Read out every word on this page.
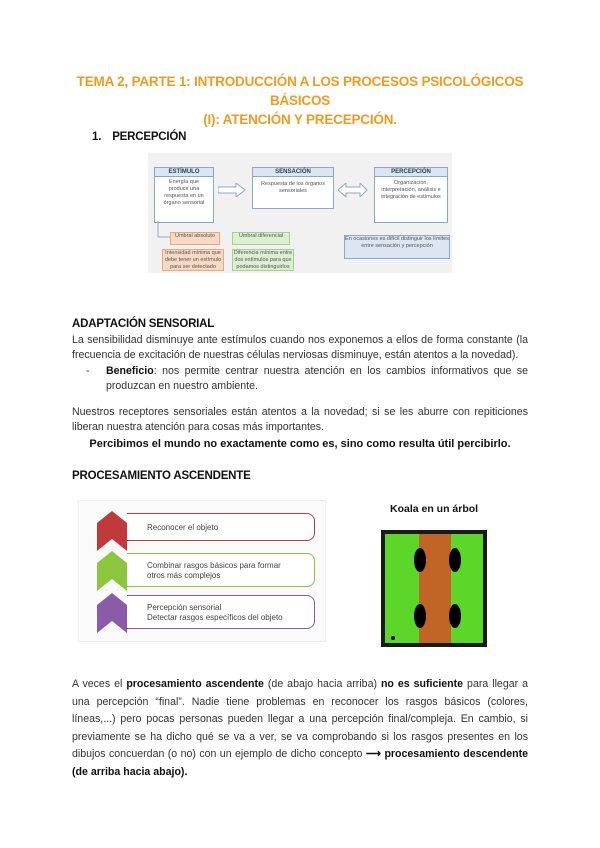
TEMA 2, PARTE 1: INTRODUCCIÓN A LOS PROCESOS PSICOLÓGICOS BÁSICOS
(I): ATENCIÓN Y PRECEPCIÓN.
1. PERCEPCIÓN
ESTÍMULO
Energía que produce una respuesta en un órgano sensorial
SENSACIÓN
Respuesta de los órganos sensoriales
PERCEPCIÓN
Organización, interpretación, análisis e integración de estímulos
Umbral absoluto	Umbral diferencial
Intensidad mínima que debe tener un estímulo para ser detectado
Diferencia mínima entre dos estímulos para que podamos distinguirlos
En ocasiones es difícil distinguir los límites entre sensación y percepción
ADAPTACIÓN SENSORIAL
La sensibilidad disminuye ante estímulos cuando nos exponemos a ellos de forma constante (la frecuencia de excitación de nuestras células nerviosas disminuye, están atentos a la novedad).
-	Beneficio: nos permite centrar nuestra atención en los cambios informativos que se produzcan en nuestro ambiente.
Nuestros receptores sensoriales están atentos a la novedad; si se les aburre con repiticiones liberan nuestra atención para cosas más importantes.
Percibimos el mundo no exactamente como es, sino como resulta útil percibirlo.
PROCESAMIENTO ASCENDENTE
Reconocer el objeto
Combinar rasgos básicos para formar
otros más complejos
Percepción sensorial
Detectar rasgos específicos del objeto
Koala en un árbol
A veces el procesamiento ascendente (de abajo hacia arriba) no es suficiente para llegar a una percepción “final”. Nadie tiene problemas en reconocer los rasgos básicos (colores, líneas,...) pero pocas personas pueden llegar a una percepción final/compleja. En cambio, si previamente se ha dicho qué se va a ver, se va comprobando si los rasgos presentes en los dibujos concuerdan (o no) con un ejemplo de dicho concepto ⟶ procesamiento descendente (de arriba hacia abajo).
